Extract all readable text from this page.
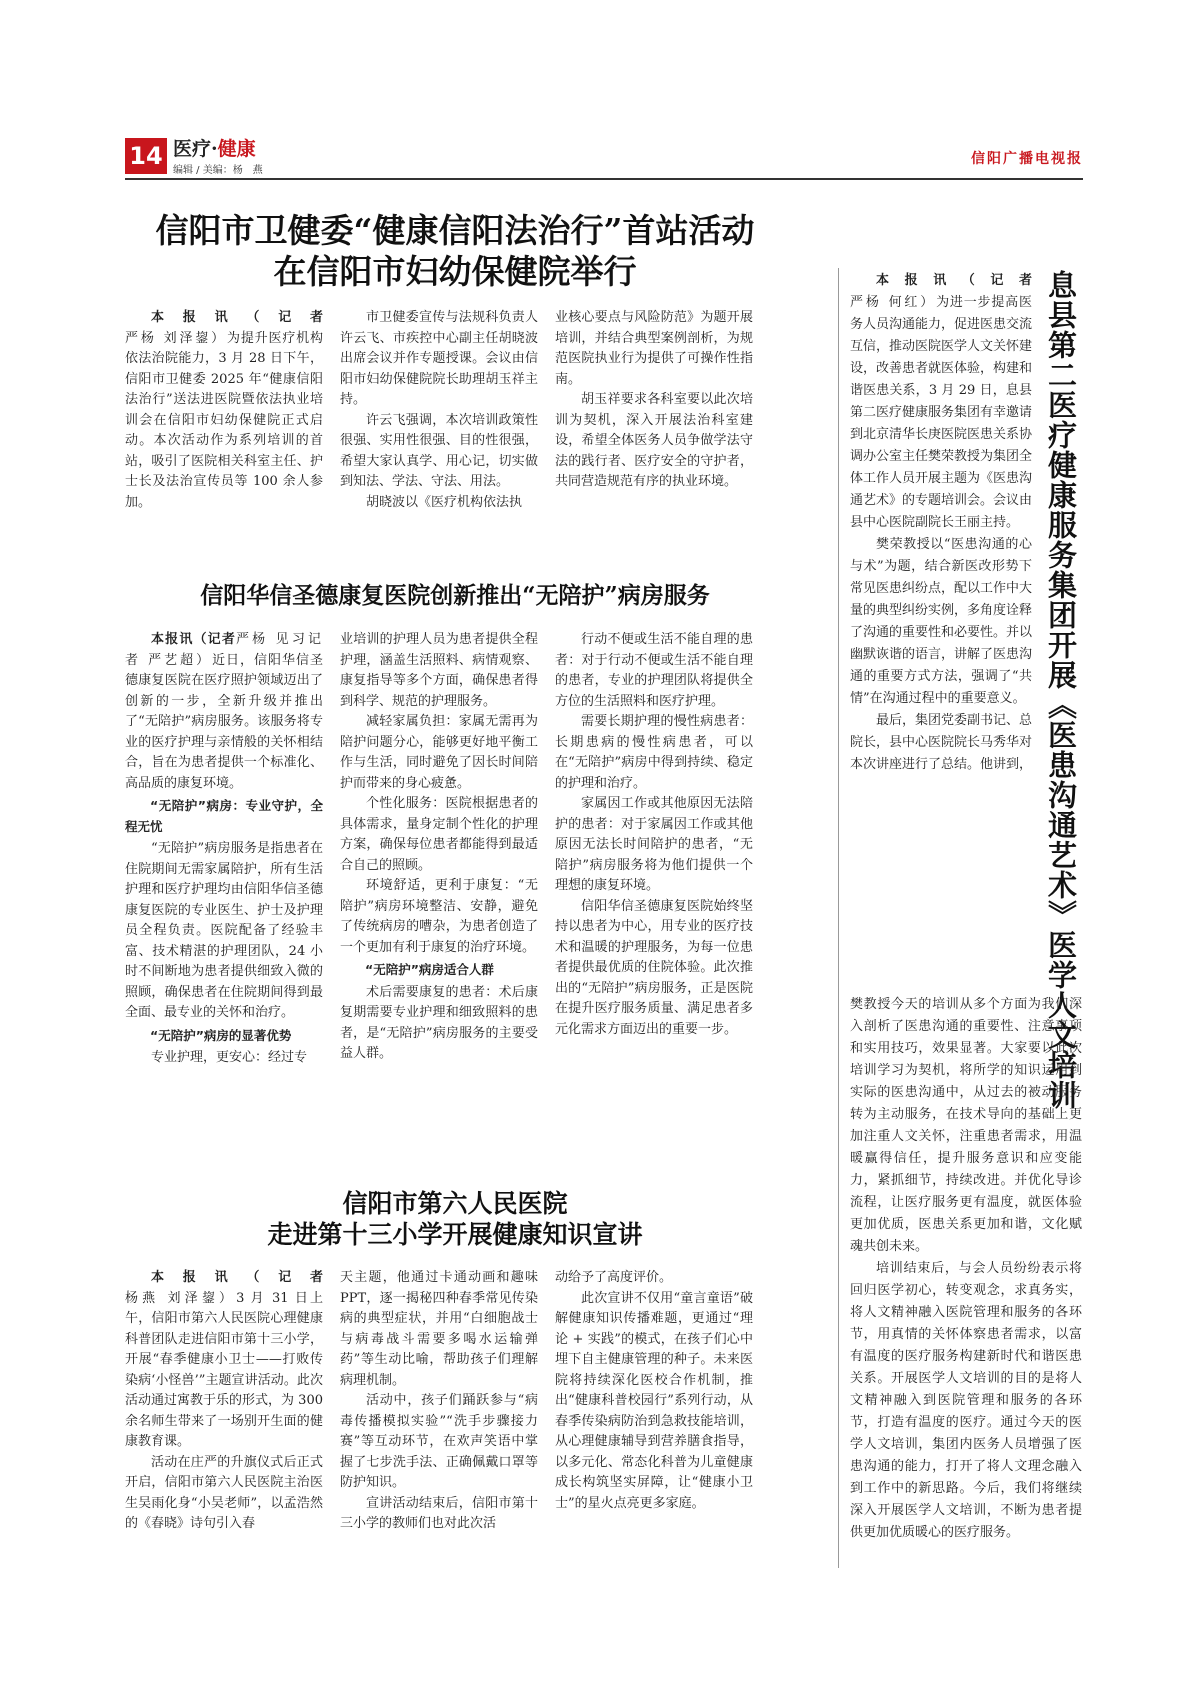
14 医疗·健康
编辑 / 美编：杨　燕
信阳广播电视报
信阳市卫健委“健康信阳法治行”首站活动
在信阳市妇幼保健院举行

本报讯（记者严杨 刘泽鋆）为提升医疗机构依法治院能力，3 月 28 日下午，信阳市卫健委 2025 年“健康信阳法治行”送法进医院暨依法执业培训会在信阳市妇幼保健院正式启动。本次活动作为系列培训的首站，吸引了医院相关科室主任、护士长及法治宣传员等 100 余人参加。

市卫健委宣传与法规科负责人许云飞、市疾控中心副主任胡晓波出席会议并作专题授课。会议由信阳市妇幼保健院院长助理胡玉祥主持。

许云飞强调，本次培训政策性很强、实用性很强、目的性很强，希望大家认真学、用心记，切实做到知法、学法、守法、用法。

胡晓波以《医疗机构依法执

业核心要点与风险防范》为题开展培训，并结合典型案例剖析，为规范医院执业行为提供了可操作性指南。

胡玉祥要求各科室要以此次培训为契机，深入开展法治科室建设，希望全体医务人员争做学法守法的践行者、医疗安全的守护者，共同营造规范有序的执业环境。

信阳华信圣德康复医院创新推出“无陪护”病房服务

本报讯（记者严杨 见习记者 严艺超）近日，信阳华信圣德康复医院在医疗照护领域迈出了创新的一步，全新升级并推出了“无陪护”病房服务。该服务将专业的医疗护理与亲情般的关怀相结合，旨在为患者提供一个标准化、高品质的康复环境。

“无陪护”病房：专业守护，全程无忧

“无陪护”病房服务是指患者在住院期间无需家属陪护，所有生活护理和医疗护理均由信阳华信圣德康复医院的专业医生、护士及护理员全程负责。医院配备了经验丰富、技术精湛的护理团队，24 小时不间断地为患者提供细致入微的照顾，确保患者在住院期间得到最全面、最专业的关怀和治疗。

“无陪护”病房的显著优势

专业护理，更安心：经过专

业培训的护理人员为患者提供全程护理，涵盖生活照料、病情观察、康复指导等多个方面，确保患者得到科学、规范的护理服务。

减轻家属负担：家属无需再为陪护问题分心，能够更好地平衡工作与生活，同时避免了因长时间陪护而带来的身心疲惫。

个性化服务：医院根据患者的具体需求，量身定制个性化的护理方案，确保每位患者都能得到最适合自己的照顾。

环境舒适，更利于康复：“无陪护”病房环境整洁、安静，避免了传统病房的嘈杂，为患者创造了一个更加有利于康复的治疗环境。

“无陪护”病房适合人群

术后需要康复的患者：术后康复期需要专业护理和细致照料的患者，是“无陪护”病房服务的主要受益人群。

行动不便或生活不能自理的患者：对于行动不便或生活不能自理的患者，专业的护理团队将提供全方位的生活照料和医疗护理。

需要长期护理的慢性病患者：长期患病的慢性病患者，可以在“无陪护”病房中得到持续、稳定的护理和治疗。

家属因工作或其他原因无法陪护的患者：对于家属因工作或其他原因无法长时间陪护的患者，“无陪护”病房服务将为他们提供一个理想的康复环境。

信阳华信圣德康复医院始终坚持以患者为中心，用专业的医疗技术和温暖的护理服务，为每一位患者提供最优质的住院体验。此次推出的“无陪护”病房服务，正是医院在提升医疗服务质量、满足患者多元化需求方面迈出的重要一步。

信阳市第六人民医院
走进第十三小学开展健康知识宣讲

本报讯（记者杨燕 刘泽鋆）3 月 31 日上午，信阳市第六人民医院心理健康科普团队走进信阳市第十三小学，开展“春季健康小卫士——打败传染病‘小怪兽’”主题宣讲活动。此次活动通过寓教于乐的形式，为 300 余名师生带来了一场别开生面的健康教育课。

活动在庄严的升旗仪式后正式开启，信阳市第六人民医院主治医生吴雨化身“小吴老师”，以孟浩然的《春晓》诗句引入春

天主题，他通过卡通动画和趣味 PPT，逐一揭秘四种春季常见传染病的典型症状，并用“白细胞战士与病毒战斗需要多喝水运输弹药”等生动比喻，帮助孩子们理解病理机制。

活动中，孩子们踊跃参与“病毒传播模拟实验”“洗手步骤接力赛”等互动环节，在欢声笑语中掌握了七步洗手法、正确佩戴口罩等防护知识。

宣讲活动结束后，信阳市第十三小学的教师们也对此次活

动给予了高度评价。

此次宣讲不仅用“童言童语”破解健康知识传播难题，更通过“理论 + 实践”的模式，在孩子们心中埋下自主健康管理的种子。未来医院将持续深化医校合作机制，推出“健康科普校园行”系列行动，从春季传染病防治到急救技能培训，从心理健康辅导到营养膳食指导，以多元化、常态化科普为儿童健康成长构筑坚实屏障，让“健康小卫士”的星火点亮更多家庭。

息县第二医疗健康服务集团开展《医患沟通艺术》医学人文培训

本报讯（记者严杨 何红）为进一步提高医务人员沟通能力，促进医患交流互信，推动医院医学人文关怀建设，改善患者就医体验，构建和谐医患关系，3 月 29 日，息县第二医疗健康服务集团有幸邀请到北京清华长庚医院医患关系协调办公室主任樊荣教授为集团全体工作人员开展主题为《医患沟通艺术》的专题培训会。会议由县中心医院副院长王丽主持。

樊荣教授以“医患沟通的心与术”为题，结合新医改形势下常见医患纠纷点，配以工作中大量的典型纠纷实例，多角度诠释了沟通的重要性和必要性。并以幽默诙谐的语言，讲解了医患沟通的重要方式方法，强调了“共情”在沟通过程中的重要意义。

最后，集团党委副书记、总院长，县中心医院院长马秀华对本次讲座进行了总结。他讲到，

樊教授今天的培训从多个方面为我们深入剖析了医患沟通的重要性、注意事项和实用技巧，效果显著。大家要以此次培训学习为契机，将所学的知识运用到实际的医患沟通中，从过去的被动服务转为主动服务，在技术导向的基础上更加注重人文关怀，注重患者需求，用温暖赢得信任，提升服务意识和应变能力，紧抓细节，持续改进。并优化导诊流程，让医疗服务更有温度，就医体验更加优质，医患关系更加和谐，文化赋魂共创未来。

培训结束后，与会人员纷纷表示将回归医学初心，转变观念，求真务实，将人文精神融入医院管理和服务的各环节，用真情的关怀体察患者需求，以富有温度的医疗服务构建新时代和谐医患关系。开展医学人文培训的目的是将人文精神融入到医院管理和服务的各环节，打造有温度的医疗。通过今天的医学人文培训，集团内医务人员增强了医患沟通的能力，打开了将人文理念融入到工作中的新思路。今后，我们将继续深入开展医学人文培训，不断为患者提供更加优质暖心的医疗服务。
